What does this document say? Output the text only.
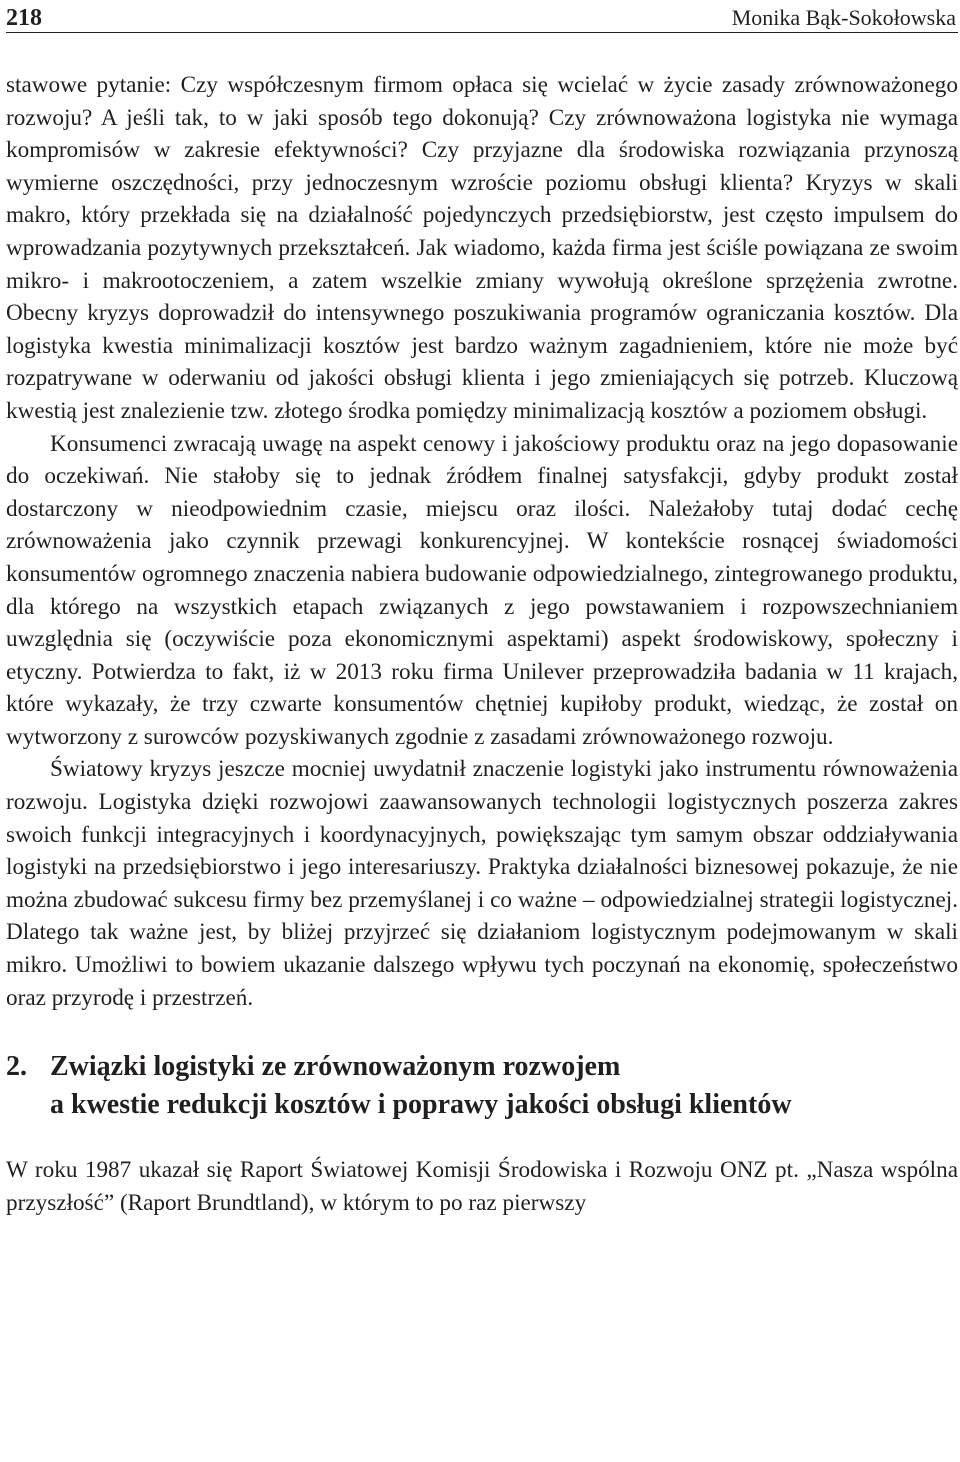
218	Monika Bąk-Sokołowska

stawowe pytanie: Czy współczesnym firmom opłaca się wcielać w życie zasady zrównoważonego rozwoju? A jeśli tak, to w jaki sposób tego dokonują? Czy zrównoważona logistyka nie wymaga kompromisów w zakresie efektywności? Czy przyjazne dla środowiska rozwiązania przynoszą wymierne oszczędności, przy jednoczesnym wzroście poziomu obsługi klienta? Kryzys w skali makro, który przekłada się na działalność pojedynczych przedsiębiorstw, jest często impulsem do wprowadzania pozytywnych przekształceń. Jak wiadomo, każda firma jest ściśle powiązana ze swoim mikro- i makrootoczeniem, a zatem wszelkie zmiany wywołują określone sprzężenia zwrotne. Obecny kryzys doprowadził do intensywnego poszukiwania programów ograniczania kosztów. Dla logistyka kwestia minimalizacji kosztów jest bardzo ważnym zagadnieniem, które nie może być rozpatrywane w oderwaniu od jakości obsługi klienta i jego zmieniających się potrzeb. Kluczową kwestią jest znalezienie tzw. złotego środka pomiędzy minimalizacją kosztów a poziomem obsługi.

Konsumenci zwracają uwagę na aspekt cenowy i jakościowy produktu oraz na jego dopasowanie do oczekiwań. Nie stałoby się to jednak źródłem finalnej satysfakcji, gdyby produkt został dostarczony w nieodpowiednim czasie, miejscu oraz ilości. Należałoby tutaj dodać cechę zrównoważenia jako czynnik przewagi konkurencyjnej. W kontekście rosnącej świadomości konsumentów ogromnego znaczenia nabiera budowanie odpowiedzialnego, zintegrowanego produktu, dla którego na wszystkich etapach związanych z jego powstawaniem i rozpowszechnianiem uwzględnia się (oczywiście poza ekonomicznymi aspektami) aspekt środowiskowy, społeczny i etyczny. Potwierdza to fakt, iż w 2013 roku firma Unilever przeprowadziła badania w 11 krajach, które wykazały, że trzy czwarte konsumentów chętniej kupiłoby produkt, wiedząc, że został on wytworzony z surowców pozyskiwanych zgodnie z zasadami zrównoważonego rozwoju.

Światowy kryzys jeszcze mocniej uwydatnił znaczenie logistyki jako instrumentu równoważenia rozwoju. Logistyka dzięki rozwojowi zaawansowanych technologii logistycznych poszerza zakres swoich funkcji integracyjnych i koordynacyjnych, powiększając tym samym obszar oddziaływania logistyki na przedsiębiorstwo i jego interesariuszy. Praktyka działalności biznesowej pokazuje, że nie można zbudować sukcesu firmy bez przemyślanej i co ważne – odpowiedzialnej strategii logistycznej. Dlatego tak ważne jest, by bliżej przyjrzeć się działaniom logistycznym podejmowanym w skali mikro. Umożliwi to bowiem ukazanie dalszego wpływu tych poczynań na ekonomię, społeczeństwo oraz przyrodę i przestrzeń.

2. Związki logistyki ze zrównoważonym rozwojem
a kwestie redukcji kosztów i poprawy jakości obsługi klientów

W roku 1987 ukazał się Raport Światowej Komisji Środowiska i Rozwoju ONZ pt. „Nasza wspólna przyszłość” (Raport Brundtland), w którym to po raz pierwszy
